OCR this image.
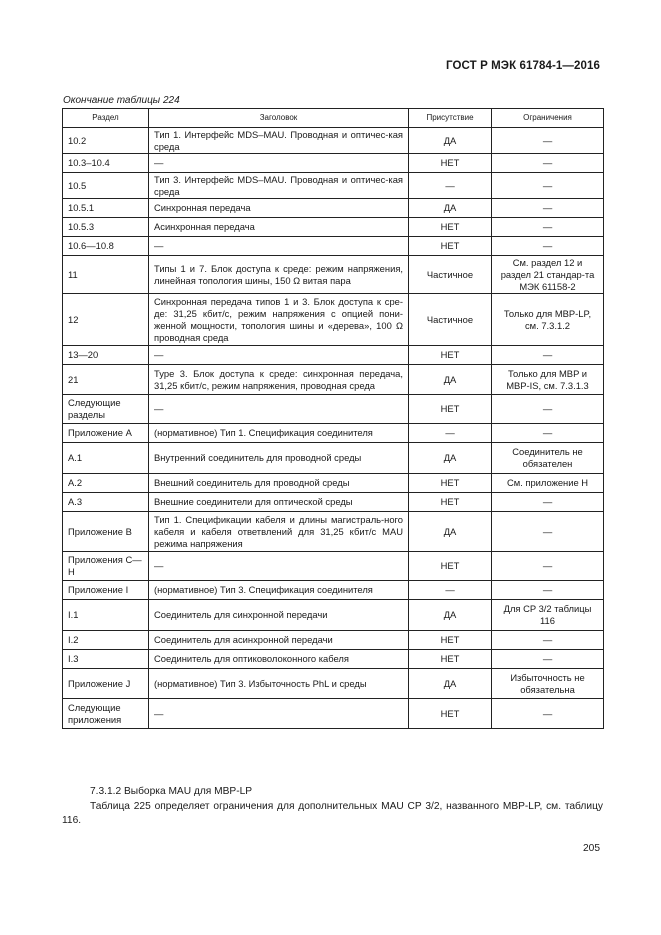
ГОСТ Р МЭК 61784-1—2016
Окончание таблицы 224
Раздел	Заголовок	Присутствие	Ограничения
10.2	Тип 1. Интерфейс MDS–MAU. Проводная и оптичес-кая среда	ДА	—
10.3–10.4	—	НЕТ	—
10.5	Тип 3. Интерфейс MDS–MAU. Проводная и оптичес-кая среда	—	—
10.5.1	Синхронная передача	ДА	—
10.5.3	Асинхронная передача	НЕТ	—
10.6—10.8	—	НЕТ	—
11	Типы 1 и 7. Блок доступа к среде: режим напряжения, линейная топология шины, 150 Ω витая пара	Частичное	См. раздел 12 и раздел 21 стандар-та МЭК 61158-2
12	Синхронная передача типов 1 и 3. Блок доступа к сре-де: 31,25 кбит/с, режим напряжения с опцией пони-женной мощности, топология шины и «дерева», 100 Ω проводная среда	Частичное	Только для MBP-LP, см. 7.3.1.2
13—20	—	НЕТ	—
21	Type 3. Блок доступа к среде: синхронная передача, 31,25 кбит/с, режим напряжения, проводная среда	ДА	Только для MBP и MBP-IS, см. 7.3.1.3
Следующие разделы	—	НЕТ	—
Приложение А	(нормативное) Тип 1. Спецификация соединителя	—	—
А.1	Внутренний соединитель для проводной среды	ДА	Соединитель не обязателен
А.2	Внешний соединитель для проводной среды	НЕТ	См. приложение Н
А.3	Внешние соединители для оптической среды	НЕТ	—
Приложение В	Тип 1. Спецификации кабеля и длины магистраль-ного кабеля и кабеля ответвлений для 31,25 кбит/с MAU режима напряжения	ДА	—
Приложения С—Н	—	НЕТ	—
Приложение I	(нормативное) Тип 3. Спецификация соединителя	—	—
I.1	Соединитель для синхронной передачи	ДА	Для CP 3/2 таблицы 116
I.2	Соединитель для асинхронной передачи	НЕТ	—
I.3	Соединитель для оптиковолоконного кабеля	НЕТ	—
Приложение J	(нормативное) Тип 3. Избыточность PhL и среды	ДА	Избыточность не обязательна
Следующие приложения	—	НЕТ	—
7.3.1.2 Выборка MAU для MBP-LP
Таблица 225 определяет ограничения для дополнительных MAU CP 3/2, названного MBP-LP, см. таблицу 116.
205
